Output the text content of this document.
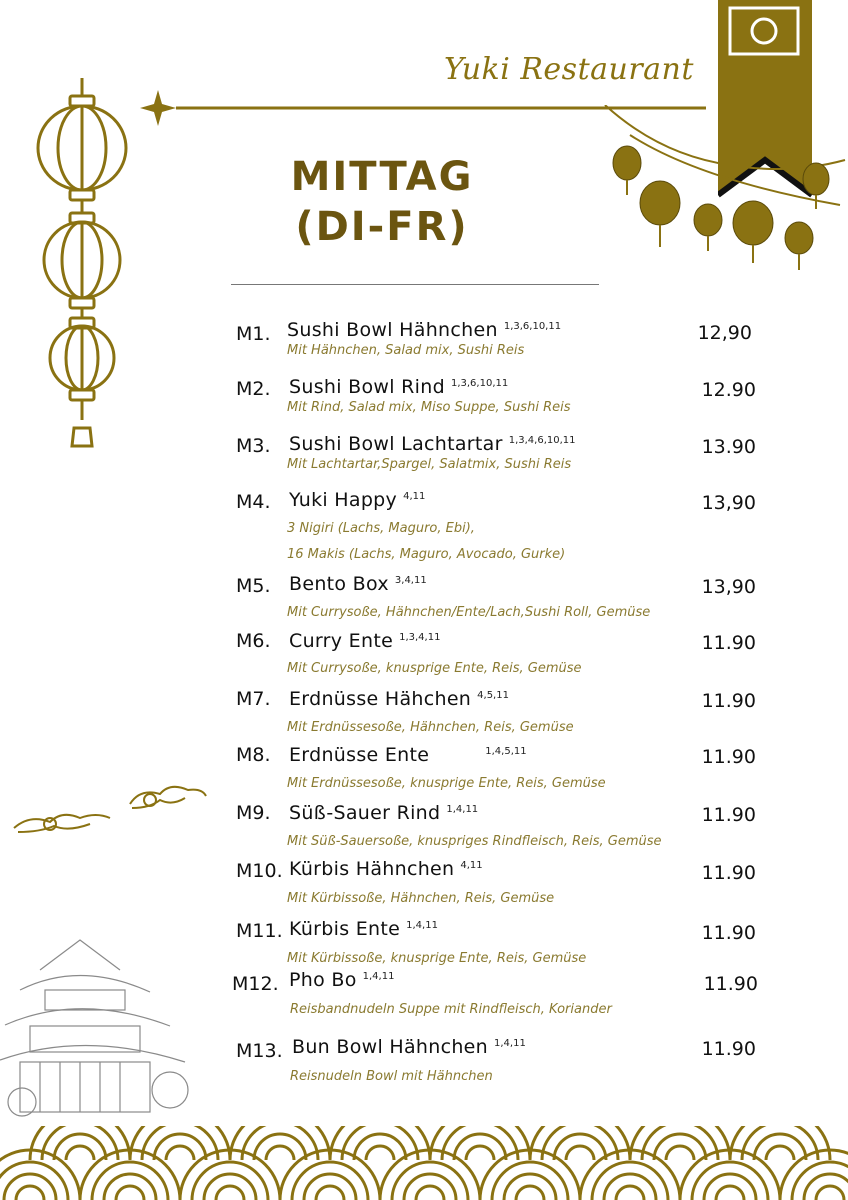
Yuki Restaurant
MITTAG
(DI-FR)
M1. Sushi Bowl Hähnchen $^{1,3,6,10,11}$	12,90
Mit Hähnchen, Salad mix, Sushi Reis
M2. Sushi Bowl Rind $^{1,3,6,10,11}$	12.90
Mit Rind, Salad mix, Miso Suppe, Sushi Reis
M3. Sushi Bowl Lachtartar $^{1,3,4,6,10,11}$	13.90
Mit Lachtartar,Spargel, Salatmix, Sushi Reis
M4. Yuki Happy $^{4,11}$	13,90
3 Nigiri (Lachs, Maguro, Ebi),
16 Makis (Lachs, Maguro, Avocado, Gurke)
M5. Bento Box $^{3,4,11}$	13,90
Mit Currysoße, Hähnchen/Ente/Lach,Sushi Roll, Gemüse
M6. Curry Ente $^{1,3,4,11}$	11.90
Mit Currysoße, knusprige Ente, Reis, Gemüse
M7. Erdnüsse Hähchen $^{4,5,11}$	11.90
Mit Erdnüssesoße, Hähnchen, Reis, Gemüse
M8. Erdnüsse Ente	$^{1,4,5,11}$	11.90
Mit Erdnüssesoße, knusprige Ente, Reis, Gemüse
M9. Süß-Sauer Rind $^{1,4,11}$	11.90
Mit Süß-Sauersoße, knuspriges Rindfleisch, Reis, Gemüse
M10. Kürbis Hähnchen $^{4,11}$	11.90
Mit Kürbissoße, Hähnchen, Reis, Gemüse
M11. Kürbis Ente $^{1,4,11}$	11.90
Mit Kürbissoße, knusprige Ente, Reis, Gemüse
M12. Pho Bo $^{1,4,11}$	11.90
Reisbandnudeln Suppe mit Rindfleisch, Koriander
M13. Bun Bowl Hähnchen $^{1,4,11}$	11.90
Reisnudeln Bowl mit Hähnchen
